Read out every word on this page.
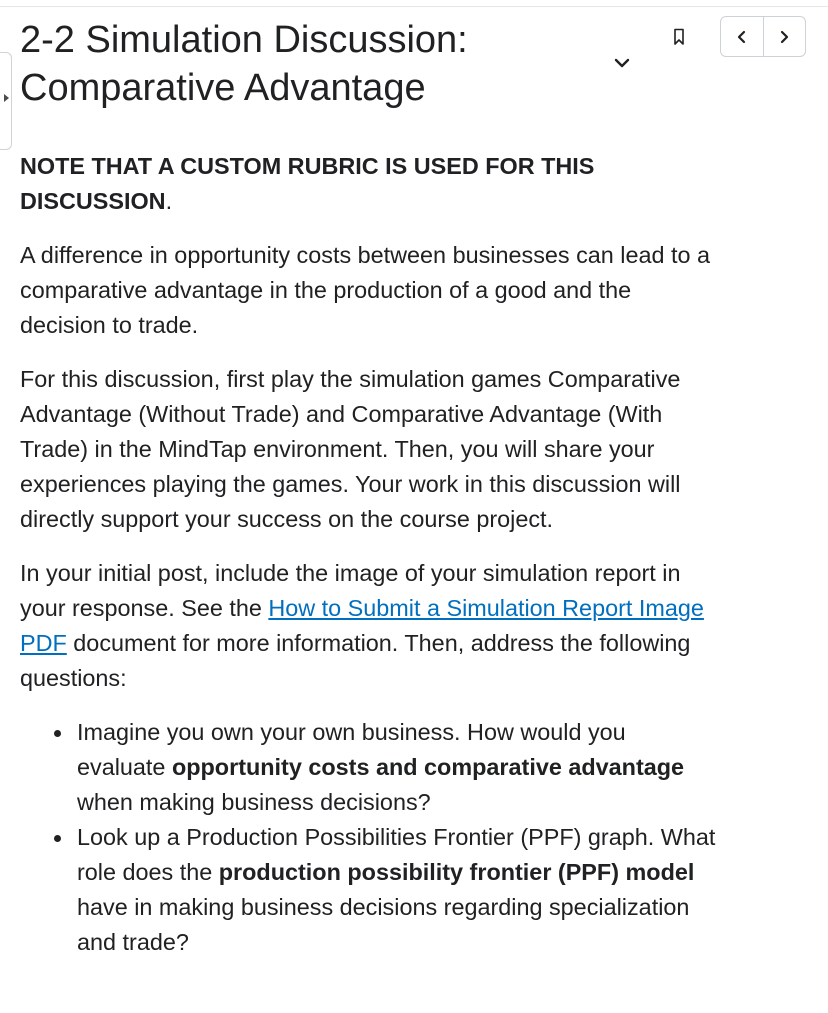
2-2 Simulation Discussion:
Comparative Advantage

NOTE THAT A CUSTOM RUBRIC IS USED FOR THIS DISCUSSION.

A difference in opportunity costs between businesses can lead to a comparative advantage in the production of a good and the decision to trade.

For this discussion, first play the simulation games Comparative Advantage (Without Trade) and Comparative Advantage (With Trade) in the MindTap environment. Then, you will share your experiences playing the games. Your work in this discussion will directly support your success on the course project.

In your initial post, include the image of your simulation report in your response. See the How to Submit a Simulation Report Image PDF document for more information. Then, address the following questions:

Imagine you own your own business. How would you evaluate opportunity costs and comparative advantage when making business decisions?
Look up a Production Possibilities Frontier (PPF) graph. What role does the production possibility frontier (PPF) model have in making business decisions regarding specialization and trade?
